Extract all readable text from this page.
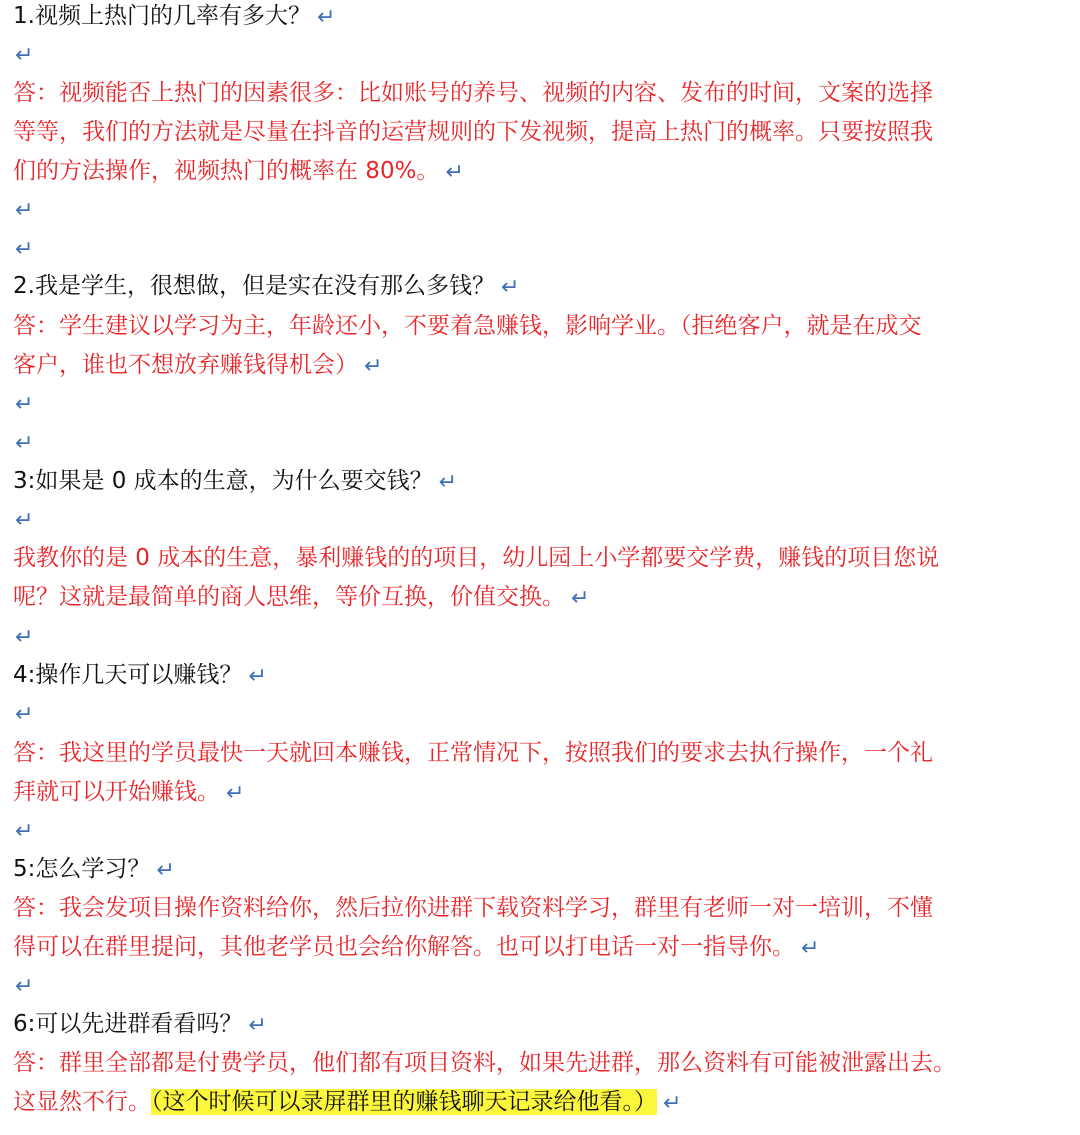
1.视频上热门的几率有多大？ ↵
↵
答：视频能否上热门的因素很多：比如账号的养号、视频的内容、发布的时间，文案的选择
等等，我们的方法就是尽量在抖音的运营规则的下发视频，提高上热门的概率。只要按照我
们的方法操作，视频热门的概率在 80%。 ↵
↵
↵
2.我是学生，很想做，但是实在没有那么多钱？ ↵
答：学生建议以学习为主，年龄还小，不要着急赚钱，影响学业。（拒绝客户，就是在成交
客户，谁也不想放弃赚钱得机会） ↵
↵
↵
3:如果是 0 成本的生意，为什么要交钱？ ↵
↵
我教你的是 0 成本的生意，暴利赚钱的的项目，幼儿园上小学都要交学费，赚钱的项目您说
呢？这就是最简单的商人思维，等价互换，价值交换。 ↵
↵
4:操作几天可以赚钱？ ↵
↵
答：我这里的学员最快一天就回本赚钱，正常情况下，按照我们的要求去执行操作，一个礼
拜就可以开始赚钱。 ↵
↵
5:怎么学习？ ↵
答：我会发项目操作资料给你，然后拉你进群下载资料学习，群里有老师一对一培训，不懂
得可以在群里提问，其他老学员也会给你解答。也可以打电话一对一指导你。 ↵
↵
6:可以先进群看看吗？ ↵
答：群里全部都是付费学员，他们都有项目资料，如果先进群，那么资料有可能被泄露出去。
这显然不行。（这个时候可以录屏群里的赚钱聊天记录给他看。） ↵
